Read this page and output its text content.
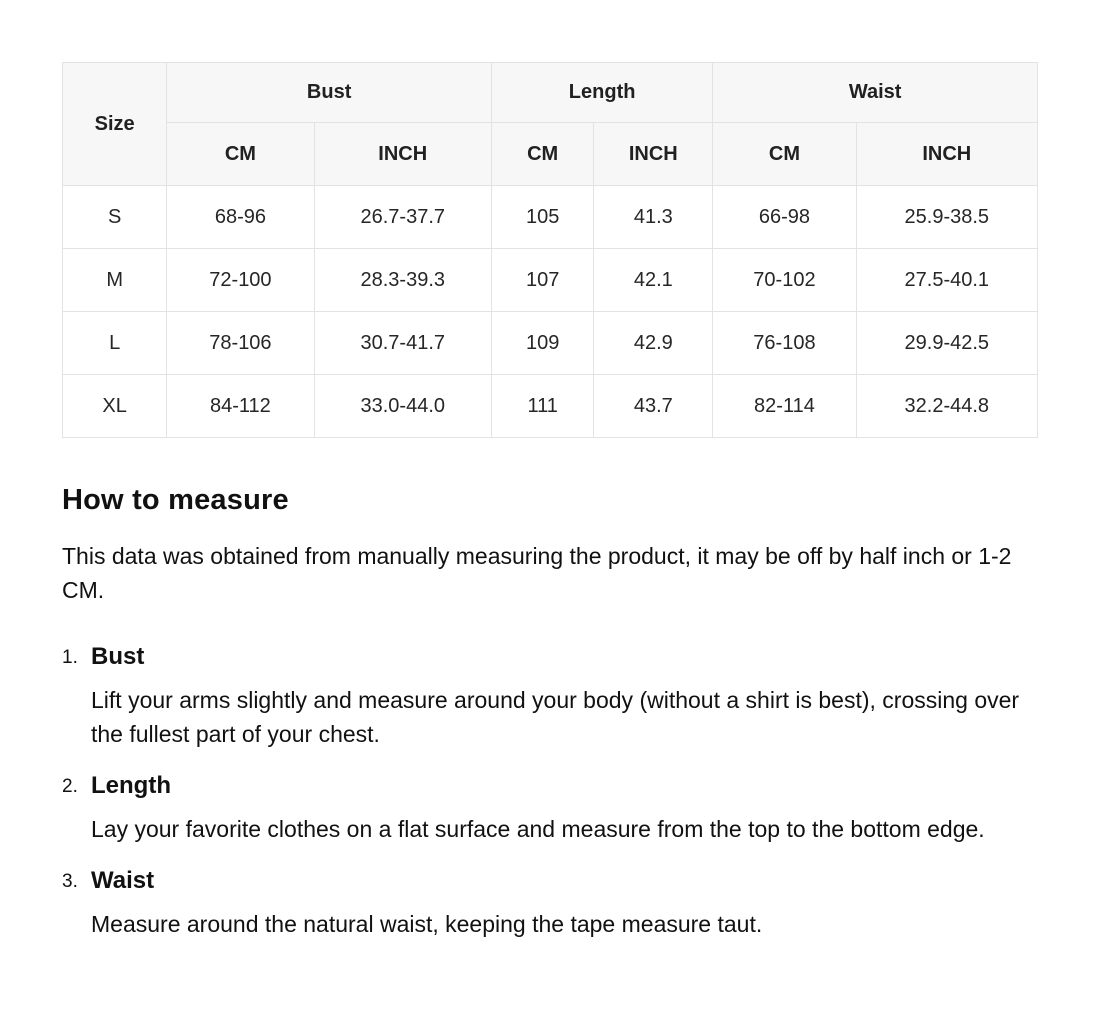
Size	Bust		Length		Waist	
	CM	INCH	CM	INCH	CM	INCH
S	68-96	26.7-37.7	105	41.3	66-98	25.9-38.5
M	72-100	28.3-39.3	107	42.1	70-102	27.5-40.1
L	78-106	30.7-41.7	109	42.9	76-108	29.9-42.5
XL	84-112	33.0-44.0	111	43.7	82-114	32.2-44.8
How to measure

This data was obtained from manually measuring the product, it may be off by half inch or 1-2 CM.

1. Bust
Lift your arms slightly and measure around your body (without a shirt is best), crossing over the fullest part of your chest.
2. Length
Lay your favorite clothes on a flat surface and measure from the top to the bottom edge.
3. Waist
Measure around the natural waist, keeping the tape measure taut.
